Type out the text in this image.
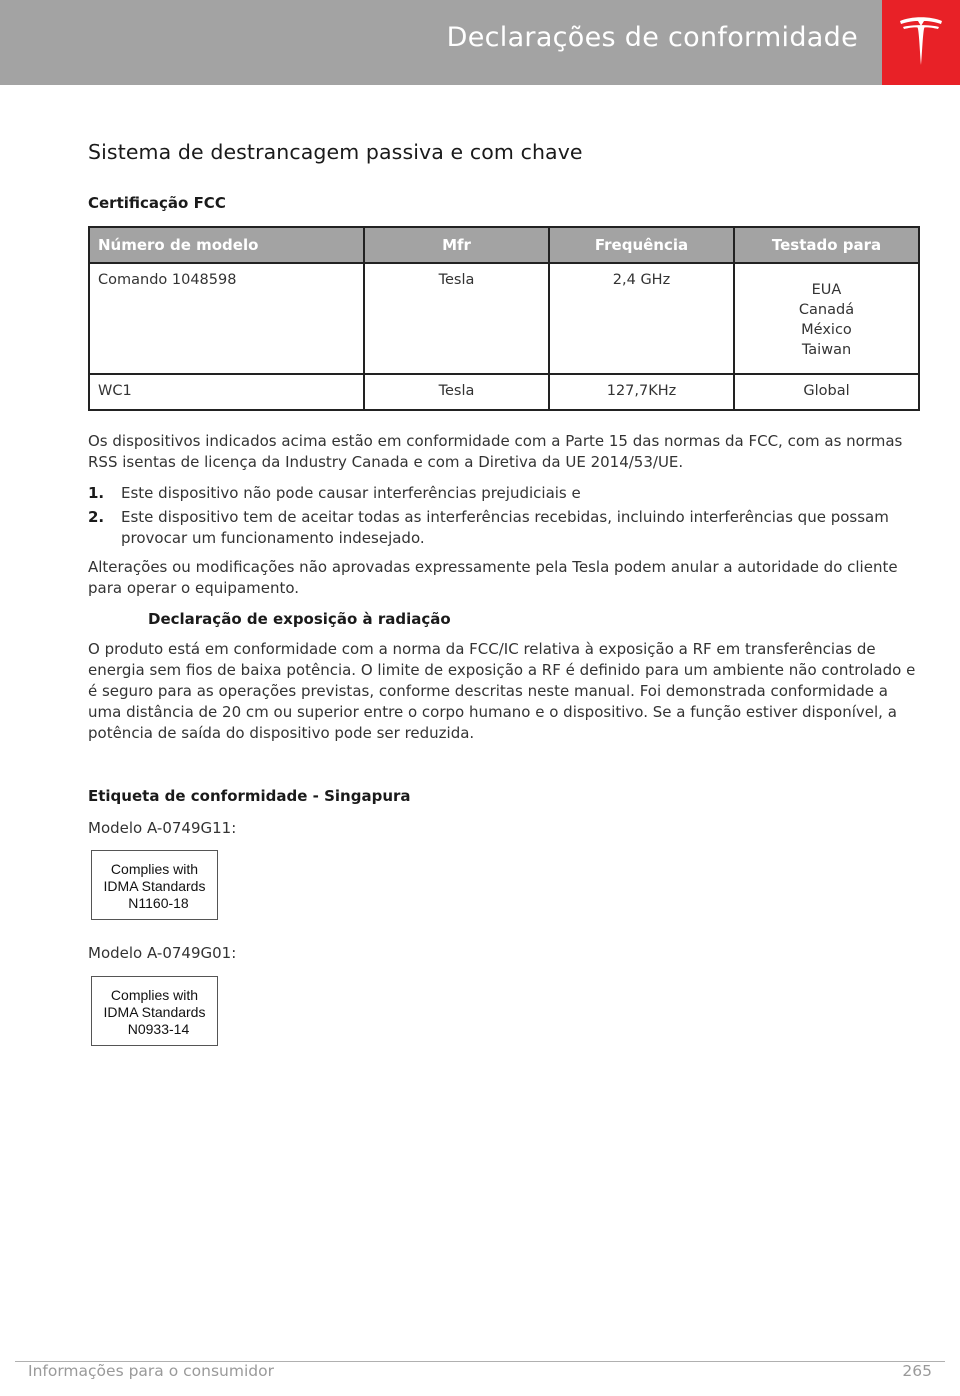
Declarações de conformidade
Sistema de destrancagem passiva e com chave
Certificação FCC
Número de modelo	Mfr	Frequência	Testado para
Comando 1048598	Tesla	2,4 GHz	EUA
Canadá
México
Taiwan

WC1	Tesla	127,7KHz	Global

Os dispositivos indicados acima estão em conformidade com a Parte 15 das normas da FCC, com as normas RSS isentas de licença da Industry Canada e com a Diretiva da UE 2014/53/UE.

1. Este dispositivo não pode causar interferências prejudiciais e
2. Este dispositivo tem de aceitar todas as interferências recebidas, incluindo interferências que possam provocar um funcionamento indesejado.

Alterações ou modificações não aprovadas expressamente pela Tesla podem anular a autoridade do cliente para operar o equipamento.

Declaração de exposição à radiação

O produto está em conformidade com a norma da FCC/IC relativa à exposição a RF em transferências de energia sem fios de baixa potência. O limite de exposição a RF é definido para um ambiente não controlado e é seguro para as operações previstas, conforme descritas neste manual. Foi demonstrada conformidade a uma distância de 20 cm ou superior entre o corpo humano e o dispositivo. Se a função estiver disponível, a potência de saída do dispositivo pode ser reduzida.

Etiqueta de conformidade - Singapura
Modelo A-0749G11:
Complies with
IDMA Standards
N1160-18
Modelo A-0749G01:
Complies with
IDMA Standards
N0933-14
Informações para o consumidor	265
